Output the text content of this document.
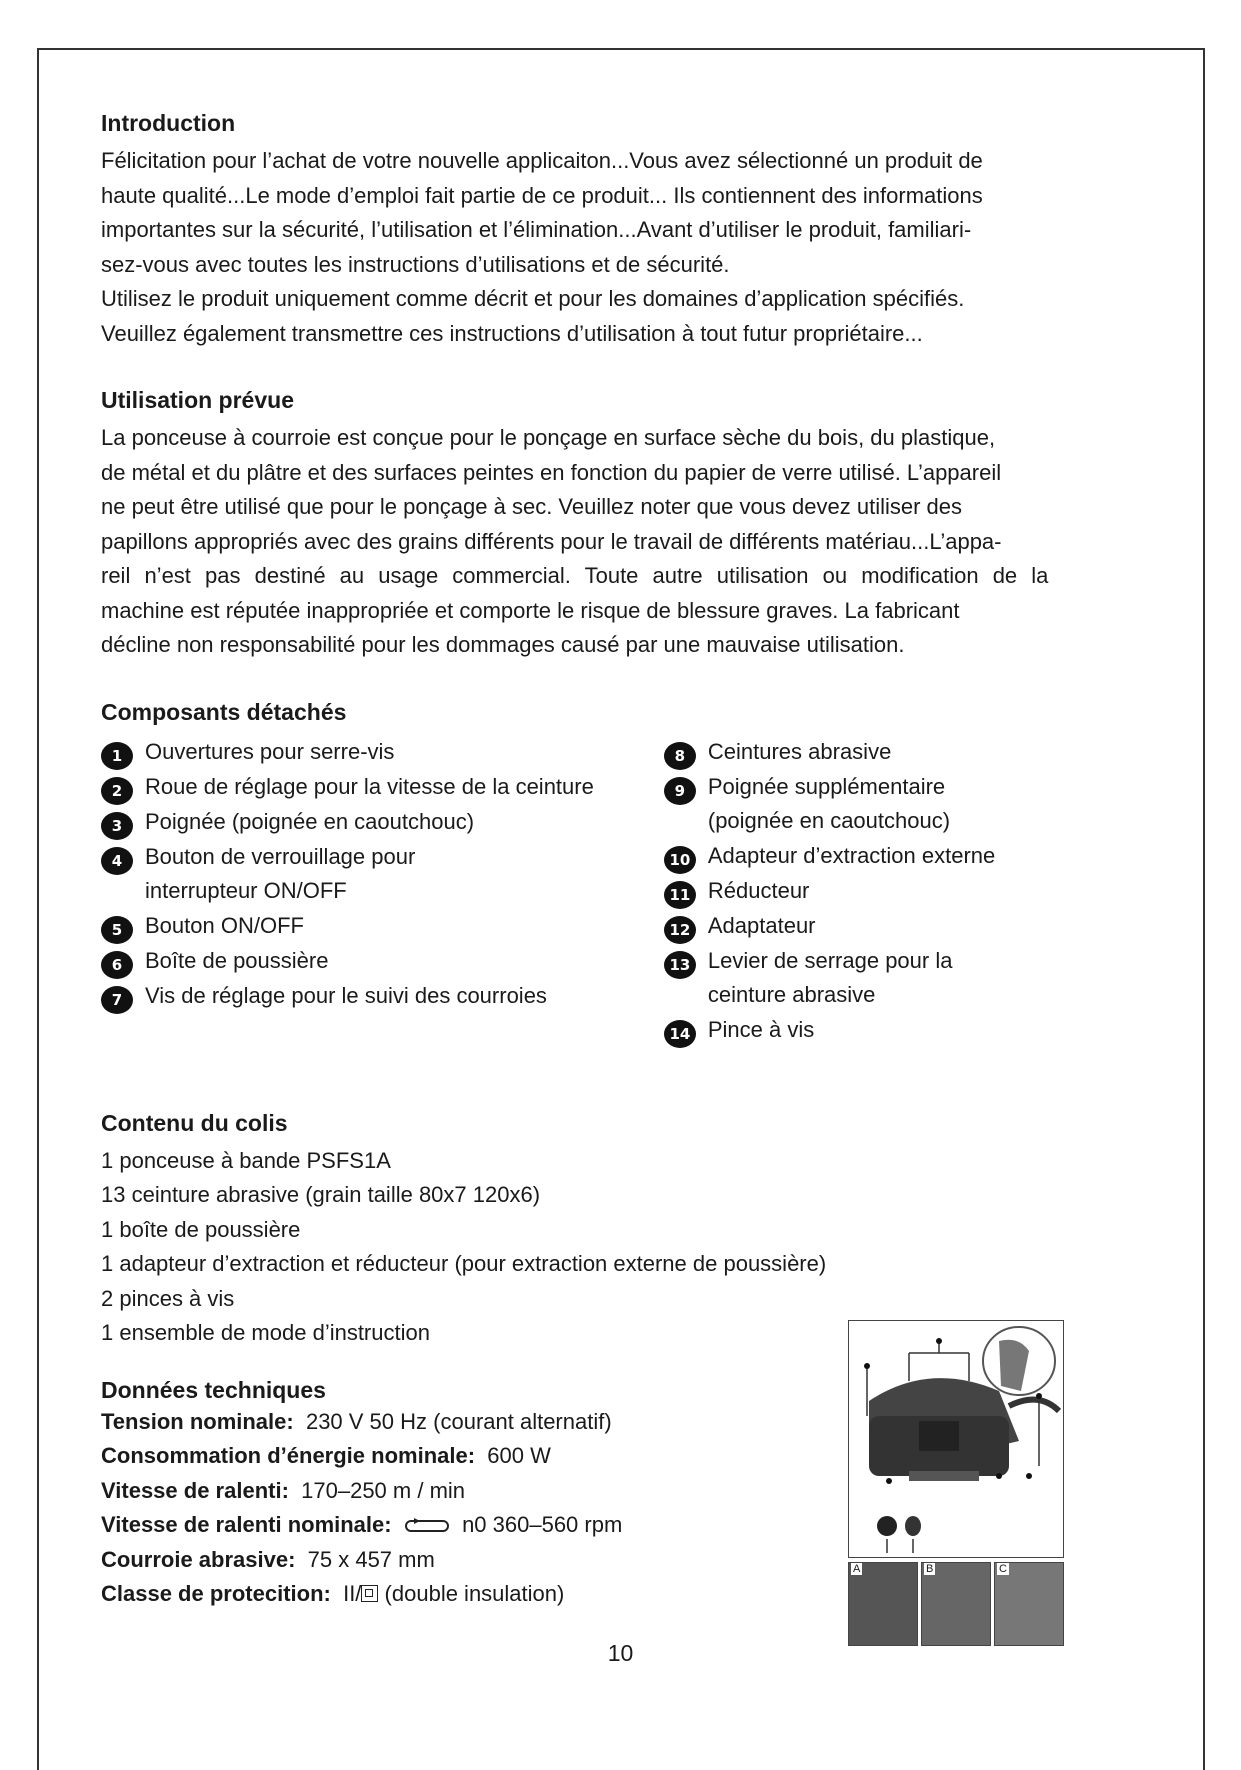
Introduction

Félicitation pour l’achat de votre nouvelle applicaiton...Vous avez sélectionné un produit de

haute qualité...Le mode d’emploi fait partie de ce produit... Ils contiennent des informations

importantes sur la sécurité, l’utilisation et l’élimination...Avant d’utiliser le produit, familiari-

sez-vous avec toutes les instructions d’utilisations et de sécurité.

Utilisez le produit uniquement comme décrit et pour les domaines d’application spécifiés.

Veuillez également transmettre ces instructions d’utilisation à tout futur propriétaire...

Utilisation prévue

La ponceuse à courroie est conçue pour le ponçage en surface sèche du bois, du plastique,

de métal et du plâtre et des surfaces peintes en fonction du papier de verre utilisé. L’appareil

ne peut être utilisé que pour le ponçage à sec. Veuillez noter que vous devez utiliser des

papillons appropriés avec des grains différents pour le travail de différents matériau...L’appa-

reil n’est pas destiné au usage commercial. Toute autre utilisation ou modification de la

machine est réputée inappropriée et comporte le risque de blessure graves. La fabricant

décline non responsabilité pour les dommages causé par une mauvaise utilisation.

Composants détachés
1	Ouvertures pour serre-vis
2	Roue de réglage pour la vitesse de la ceinture
3	Poignée (poignée en caoutchouc)
4	Bouton de verrouillage pour interrupteur ON/OFF
5	Bouton ON/OFF
6	Boîte de poussière
7	Vis de réglage pour le suivi des courroies
8	Ceintures abrasive
9	Poignée supplémentaire (poignée en caoutchouc)
10 Adapteur d’extraction externe
11 Réducteur
12 Adaptateur
13 Levier de serrage pour la ceinture abrasive
14 Pince à vis
Contenu du colis

1 ponceuse à bande PSFS1A

13 ceinture abrasive (grain taille 80x7 120x6)

1 boîte de poussière

1 adapteur d’extraction et réducteur (pour extraction externe de poussière)

2 pinces à vis

1 ensemble de mode d’instruction

Données techniques

Tension nominale: 230 V 50 Hz (courant alternatif)

Consommation d’énergie nominale: 600 W

Vitesse de ralenti: 170–250 m / min

Vitesse de ralenti nominale:	n0 360–560 rpm

Courroie abrasive: 75 x 457 mm

Classe de protecition: II/ (double insulation)

A	B	C
10
